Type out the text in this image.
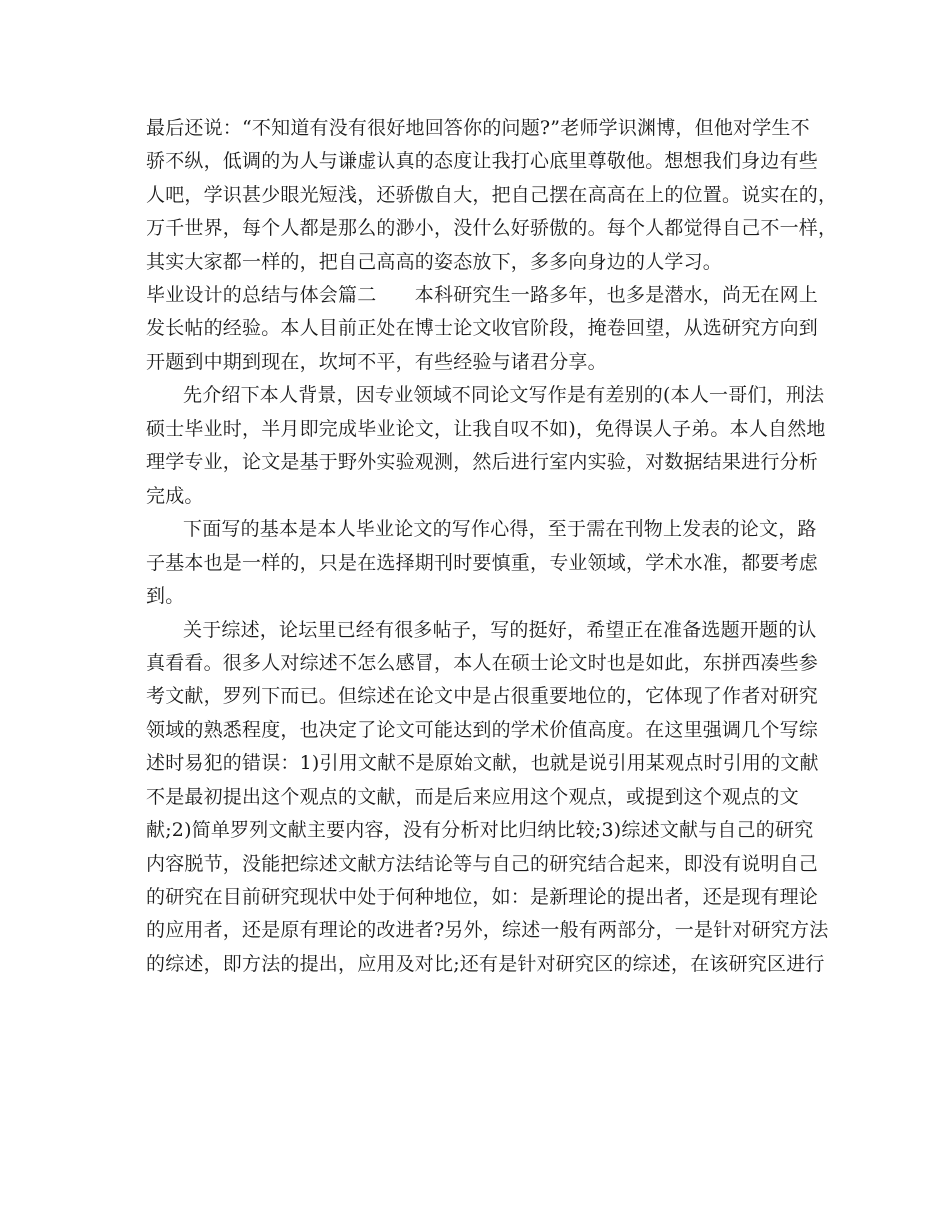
最后还说：“不知道有没有很好地回答你的问题?”老师学识渊博，但他对学生不
骄不纵，低调的为人与谦虚认真的态度让我打心底里尊敬他。想想我们身边有些
人吧，学识甚少眼光短浅，还骄傲自大，把自己摆在高高在上的位置。说实在的，
万千世界，每个人都是那么的渺小，没什么好骄傲的。每个人都觉得自己不一样，
其实大家都一样的，把自己高高的姿态放下，多多向身边的人学习。
毕业设计的总结与体会篇二　　本科研究生一路多年，也多是潜水，尚无在网上
发长帖的经验。本人目前正处在博士论文收官阶段，掩卷回望，从选研究方向到
开题到中期到现在，坎坷不平，有些经验与诸君分享。
先介绍下本人背景，因专业领域不同论文写作是有差别的(本人一哥们，刑法
硕士毕业时，半月即完成毕业论文，让我自叹不如)，免得误人子弟。本人自然地
理学专业，论文是基于野外实验观测，然后进行室内实验，对数据结果进行分析
完成。
下面写的基本是本人毕业论文的写作心得，至于需在刊物上发表的论文，路
子基本也是一样的，只是在选择期刊时要慎重，专业领域，学术水准，都要考虑
到。
关于综述，论坛里已经有很多帖子，写的挺好，希望正在准备选题开题的认
真看看。很多人对综述不怎么感冒，本人在硕士论文时也是如此，东拼西凑些参
考文献，罗列下而已。但综述在论文中是占很重要地位的，它体现了作者对研究
领域的熟悉程度，也决定了论文可能达到的学术价值高度。在这里强调几个写综
述时易犯的错误：1)引用文献不是原始文献，也就是说引用某观点时引用的文献
不是最初提出这个观点的文献，而是后来应用这个观点，或提到这个观点的文
献;2)简单罗列文献主要内容，没有分析对比归纳比较;3)综述文献与自己的研究
内容脱节，没能把综述文献方法结论等与自己的研究结合起来，即没有说明自己
的研究在目前研究现状中处于何种地位，如：是新理论的提出者，还是现有理论
的应用者，还是原有理论的改进者?另外，综述一般有两部分，一是针对研究方法
的综述，即方法的提出，应用及对比;还有是针对研究区的综述，在该研究区进行
